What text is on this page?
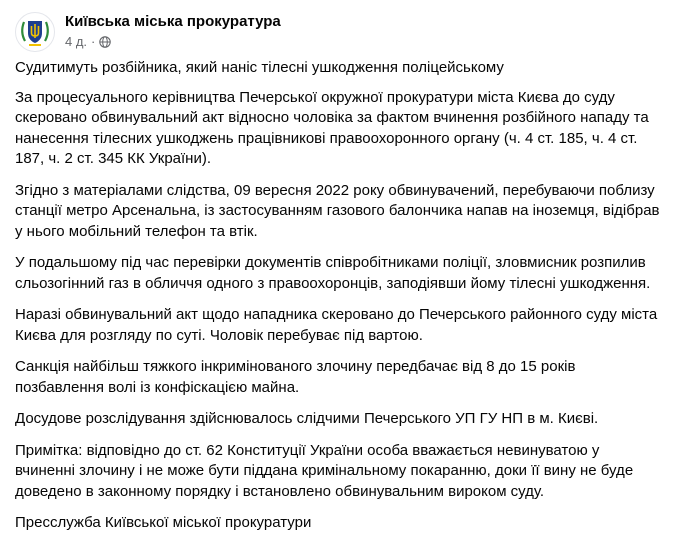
Київська міська прокуратура
4 д. ·

Судитимуть розбійника, який наніс тілесні ушкодження поліцейському

За процесуального керівництва Печерської окружної прокуратури міста Києва до суду скеровано обвинувальний акт відносно чоловіка за фактом вчинення розбійного нападу та нанесення тілесних ушкоджень працівникові правоохоронного органу (ч. 4 ст. 185, ч. 4 ст. 187, ч. 2 ст. 345 КК України).

Згідно з матеріалами слідства, 09 вересня 2022 року обвинувачений, перебуваючи поблизу станції метро Арсенальна, із застосуванням газового балончика напав на іноземця, відібрав у нього мобільний телефон та втік.

У подальшому під час перевірки документів співробітниками поліції, зловмисник розпилив сльозогінний газ в обличчя одного з правоохоронців, заподіявши йому тілесні ушкодження.

Наразі обвинувальний акт щодо нападника скеровано до Печерського районного суду міста Києва для розгляду по суті. Чоловік перебуває під вартою.

Санкція найбільш тяжкого інкримінованого злочину передбачає від 8 до 15 років позбавлення волі із конфіскацією майна.

Досудове розслідування здійснювалось слідчими Печерського УП ГУ НП в м. Києві.

Примітка: відповідно до ст. 62 Конституції України особа вважається невинуватою у вчиненні злочину і не може бути піддана кримінальному покаранню, доки її вину не буде доведено в законному порядку і встановлено обвинувальним вироком суду.

Пресслужба Київської міської прокуратури
